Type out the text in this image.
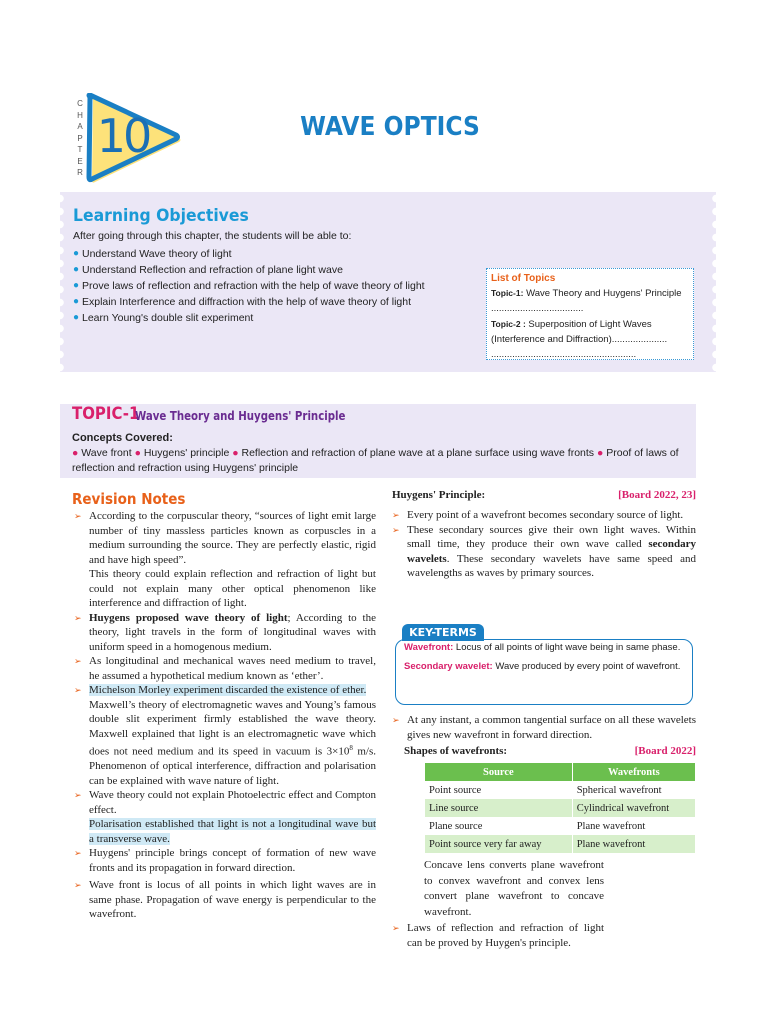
C
H
A
P
T
E
R
10	WAVE OPTICS
Learning Objectives
After going through this chapter, the students will be able to:
● Understand Wave theory of light
● Understand Reflection and refraction of plane light wave
● Prove laws of reflection and refraction with the help of wave theory of light
● Explain Interference and diffraction with the help of wave theory of light
● Learn Young's double slit experiment
List of Topics
Topic-1: Wave Theory and Huygens' Principle ...................................
Topic-2 : Superposition of Light Waves (Interference and Diffraction)..................... .......................................................
TOPIC-1
Wave Theory and Huygens' Principle
Concepts Covered:
● Wave front ● Huygens' principle ● Reflection and refraction of plane wave at a plane surface using wave fronts ● Proof of laws of reflection and refraction using Huygens' principle
Revision Notes
➢ According to the corpuscular theory, “sources of light emit large number of tiny massless particles known as corpuscles in a medium surrounding the source. They are perfectly elastic, rigid and have high speed”.
This theory could explain reflection and refraction of light but could not explain many other optical phenomenon like interference and diffraction of light.
➢ Huygens proposed wave theory of light; According to the theory, light travels in the form of longitudinal waves with uniform speed in a homogenous medium.
➢ As longitudinal and mechanical waves need medium to travel, he assumed a hypothetical medium known as ‘ether’.
➢ Michelson Morley experiment discarded the existence of ether.
Maxwell’s theory of electromagnetic waves and Young’s famous double slit experiment firmly established the wave theory. Maxwell explained that light is an electromagnetic wave which does not need medium and its speed in vacuum is $3\times 10^8$ m/s. Phenomenon of optical interference, diffraction and polarisation can be explained with wave nature of light.
➢ Wave theory could not explain Photoelectric effect and Compton effect.
Polarisation established that light is not a longitudinal wave but a transverse wave.
➢ Huygens' principle brings concept of formation of new wave fronts and its propagation in forward direction.
➢ Wave front is locus of all points in which light waves are in same phase. Propagation of wave energy is perpendicular to the wavefront.
Huygens' Principle:	[Board 2022, 23]
➢ Every point of a wavefront becomes secondary source of light.
➢ These secondary sources give their own light waves. Within small time, they produce their own wave called secondary wavelets. These secondary wavelets have same speed and wavelengths as waves by primary sources.
KEY-TERMS
Wavefront: Locus of all points of light wave being in same phase.
Secondary wavelet: Wave produced by every point of wavefront.
➢ At any instant, a common tangential surface on all these wavelets gives new wavefront in forward direction.
Shapes of wavefronts:	[Board 2022]
Source	Wavefronts
Point source	Spherical wavefront
Line source	Cylindrical wavefront
Plane source	Plane wavefront
Point source very far away	Plane wavefront

Concave lens converts plane wavefront to convex wavefront and convex lens convert plane wavefront to concave wavefront.

➢ Laws of reflection and refraction of light can be proved by Huygen's principle.
